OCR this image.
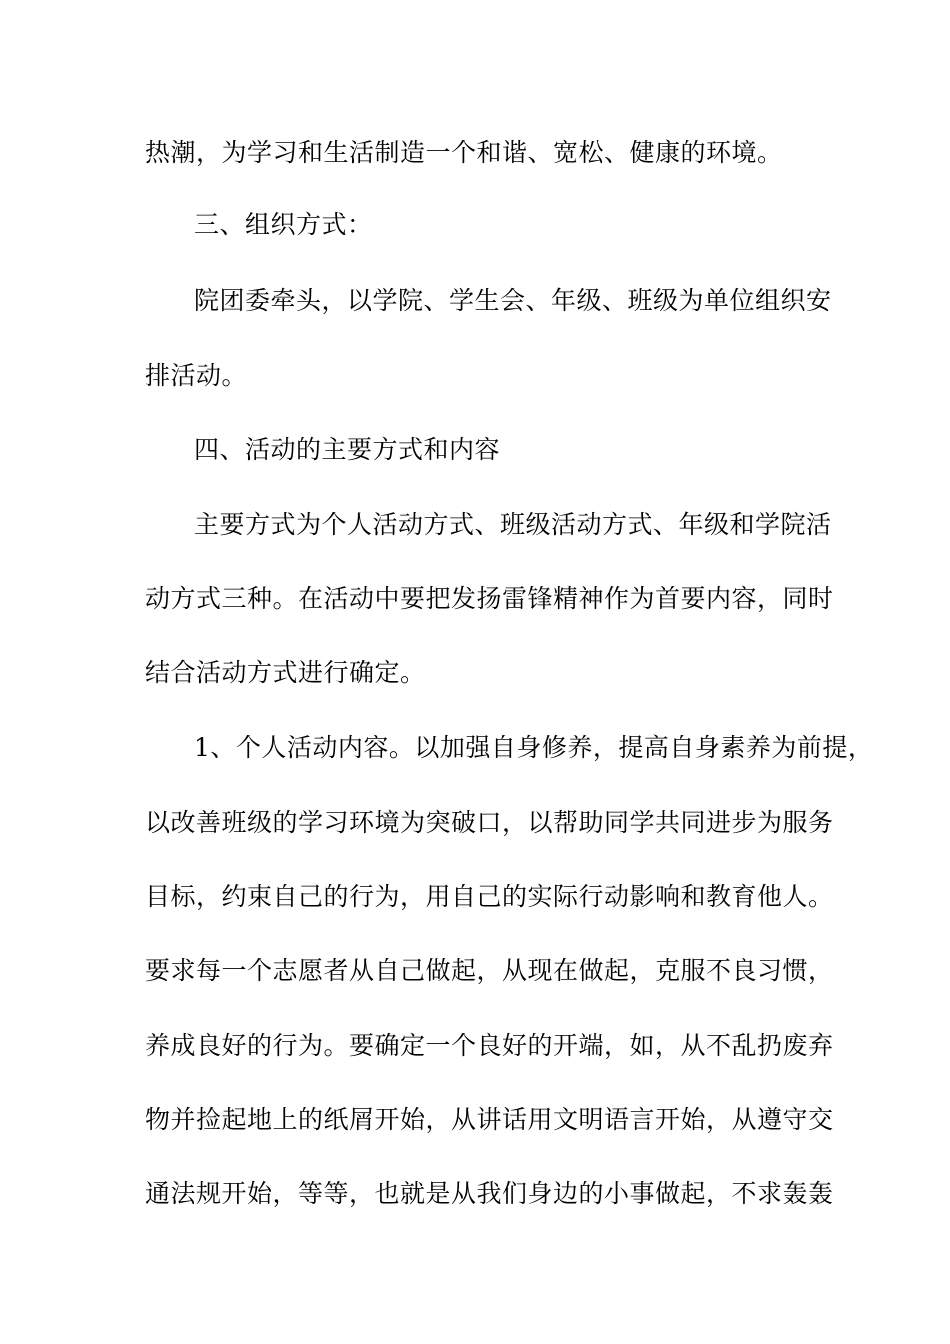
热潮，为学习和生活制造一个和谐、宽松、健康的环境。
三、组织方式：
院团委牵头，以学院、学生会、年级、班级为单位组织安
排活动。
四、活动的主要方式和内容
主要方式为个人活动方式、班级活动方式、年级和学院活
动方式三种。在活动中要把发扬雷锋精神作为首要内容，同时
结合活动方式进行确定。
1、个人活动内容。以加强自身修养，提高自身素养为前提，
以改善班级的学习环境为突破口，以帮助同学共同进步为服务
目标，约束自己的行为，用自己的实际行动影响和教育他人。
要求每一个志愿者从自己做起，从现在做起，克服不良习惯，
养成良好的行为。要确定一个良好的开端，如，从不乱扔废弃
物并捡起地上的纸屑开始，从讲话用文明语言开始，从遵守交
通法规开始，等等，也就是从我们身边的小事做起，不求轰轰
